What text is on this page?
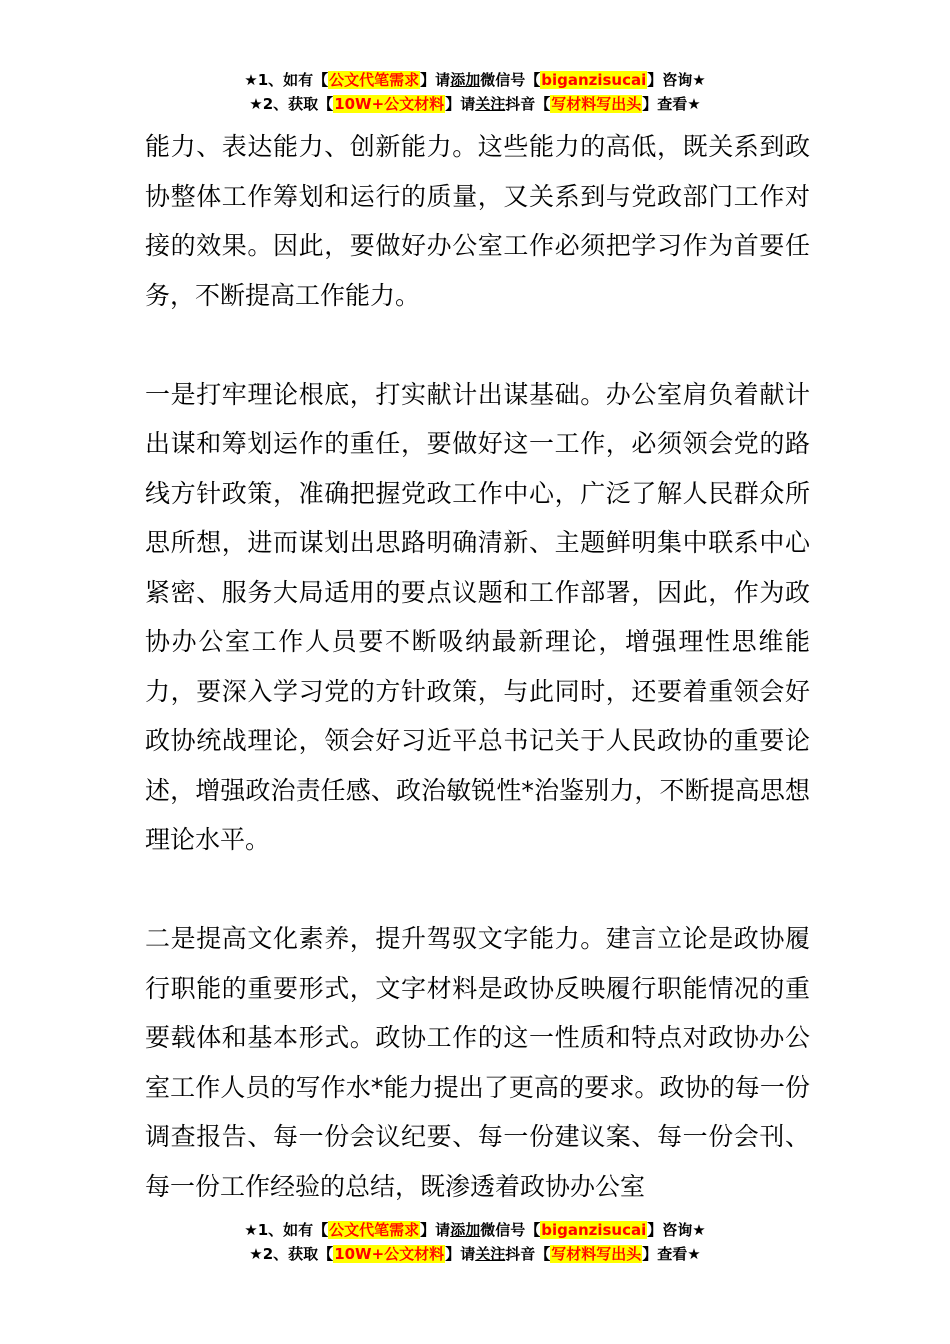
★1、如有【公文代笔需求】请添加微信号【biganzisucai】咨询★
★2、获取【10W+公文材料】请关注抖音【写材料写出头】查看★

能力、表达能力、创新能力。这些能力的高低，既关系到政协整体工作筹划和运行的质量，又关系到与党政部门工作对接的效果。因此，要做好办公室工作必须把学习作为首要任务，不断提高工作能力。

一是打牢理论根底，打实献计出谋基础。办公室肩负着献计出谋和筹划运作的重任，要做好这一工作，必须领会党的路线方针政策，准确把握党政工作中心，广泛了解人民群众所思所想，进而谋划出思路明确清新、主题鲜明集中联系中心紧密、服务大局适用的要点议题和工作部署，因此，作为政协办公室工作人员要不断吸纳最新理论，增强理性思维能力，要深入学习党的方针政策，与此同时，还要着重领会好政协统战理论，领会好习近平总书记关于人民政协的重要论述，增强政治责任感、政治敏锐性*治鉴别力，不断提高思想理论水平。

二是提高文化素养，提升驾驭文字能力。建言立论是政协履行职能的重要形式，文字材料是政协反映履行职能情况的重要载体和基本形式。政协工作的这一性质和特点对政协办公室工作人员的写作水*能力提出了更高的要求。政协的每一份调查报告、每一份会议纪要、每一份建议案、每一份会刊、每一份工作经验的总结，既渗透着政协办公室

★1、如有【公文代笔需求】请添加微信号【biganzisucai】咨询★
★2、获取【10W+公文材料】请关注抖音【写材料写出头】查看★
